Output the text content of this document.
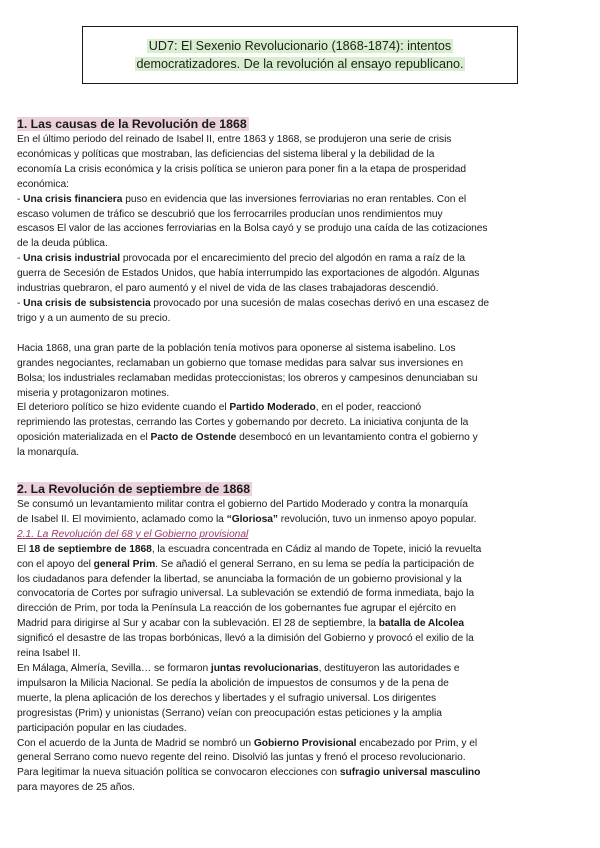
UD7: El Sexenio Revolucionario (1868-1874): intentos
democratizadores. De la revolución al ensayo republicano.
1. Las causas de la Revolución de 1868
En el último periodo del reinado de Isabel II, entre 1863 y 1868, se produjeron una serie de crisis
económicas y políticas que mostraban, las deficiencias del sistema liberal y la debilidad de la
economía La crisis económica y la crisis política se unieron para poner fin a la etapa de prosperidad
económica:
- Una crisis financiera puso en evidencia que las inversiones ferroviarias no eran rentables. Con el
escaso volumen de tráfico se descubrió que los ferrocarriles producían unos rendimientos muy
escasos El valor de las acciones ferroviarias en la Bolsa cayó y se produjo una caída de las cotizaciones
de la deuda pública.
- Una crisis industrial provocada por el encarecimiento del precio del algodón en rama a raíz de la
guerra de Secesión de Estados Unidos, que había interrumpido las exportaciones de algodón. Algunas
industrias quebraron, el paro aumentó y el nivel de vida de las clases trabajadoras descendió.
- Una crisis de subsistencia provocado por una sucesión de malas cosechas derivó en una escasez de
trigo y a un aumento de su precio.
Hacia 1868, una gran parte de la población tenía motivos para oponerse al sistema isabelino. Los
grandes negociantes, reclamaban un gobierno que tomase medidas para salvar sus inversiones en
Bolsa; los industriales reclamaban medidas proteccionistas; los obreros y campesinos denunciaban su
miseria y protagonizaron motines.
El deterioro político se hizo evidente cuando el Partido Moderado, en el poder, reaccionó
reprimiendo las protestas, cerrando las Cortes y gobernando por decreto. La iniciativa conjunta de la
oposición materializada en el Pacto de Ostende desembocó en un levantamiento contra el gobierno y
la monarquía.
2. La Revolución de septiembre de 1868
Se consumó un levantamiento militar contra el gobierno del Partido Moderado y contra la monarquía
de Isabel II. El movimiento, aclamado como la “Gloriosa” revolución, tuvo un inmenso apoyo popular.
2.1. La Revolución del 68 y el Gobierno provisional
El 18 de septiembre de 1868, la escuadra concentrada en Cádiz al mando de Topete, inició la revuelta
con el apoyo del general Prim. Se añadió el general Serrano, en su lema se pedía la participación de
los ciudadanos para defender la libertad, se anunciaba la formación de un gobierno provisional y la
convocatoria de Cortes por sufragio universal. La sublevación se extendió de forma inmediata, bajo la
dirección de Prim, por toda la Península La reacción de los gobernantes fue agrupar el ejército en
Madrid para dirigirse al Sur y acabar con la sublevación. El 28 de septiembre, la batalla de Alcolea
significó el desastre de las tropas borbónicas, llevó a la dimisión del Gobierno y provocó el exilio de la
reina Isabel II.
En Málaga, Almería, Sevilla… se formaron juntas revolucionarias, destituyeron las autoridades e
impulsaron la Milicia Nacional. Se pedía la abolición de impuestos de consumos y de la pena de
muerte, la plena aplicación de los derechos y libertades y el sufragio universal. Los dirigentes
progresistas (Prim) y unionistas (Serrano) veían con preocupación estas peticiones y la amplia
participación popular en las ciudades.
Con el acuerdo de la Junta de Madrid se nombró un Gobierno Provisional encabezado por Prim, y el
general Serrano como nuevo regente del reino. Disolvió las juntas y frenó el proceso revolucionario.
Para legitimar la nueva situación política se convocaron elecciones con sufragio universal masculino
para mayores de 25 años.
